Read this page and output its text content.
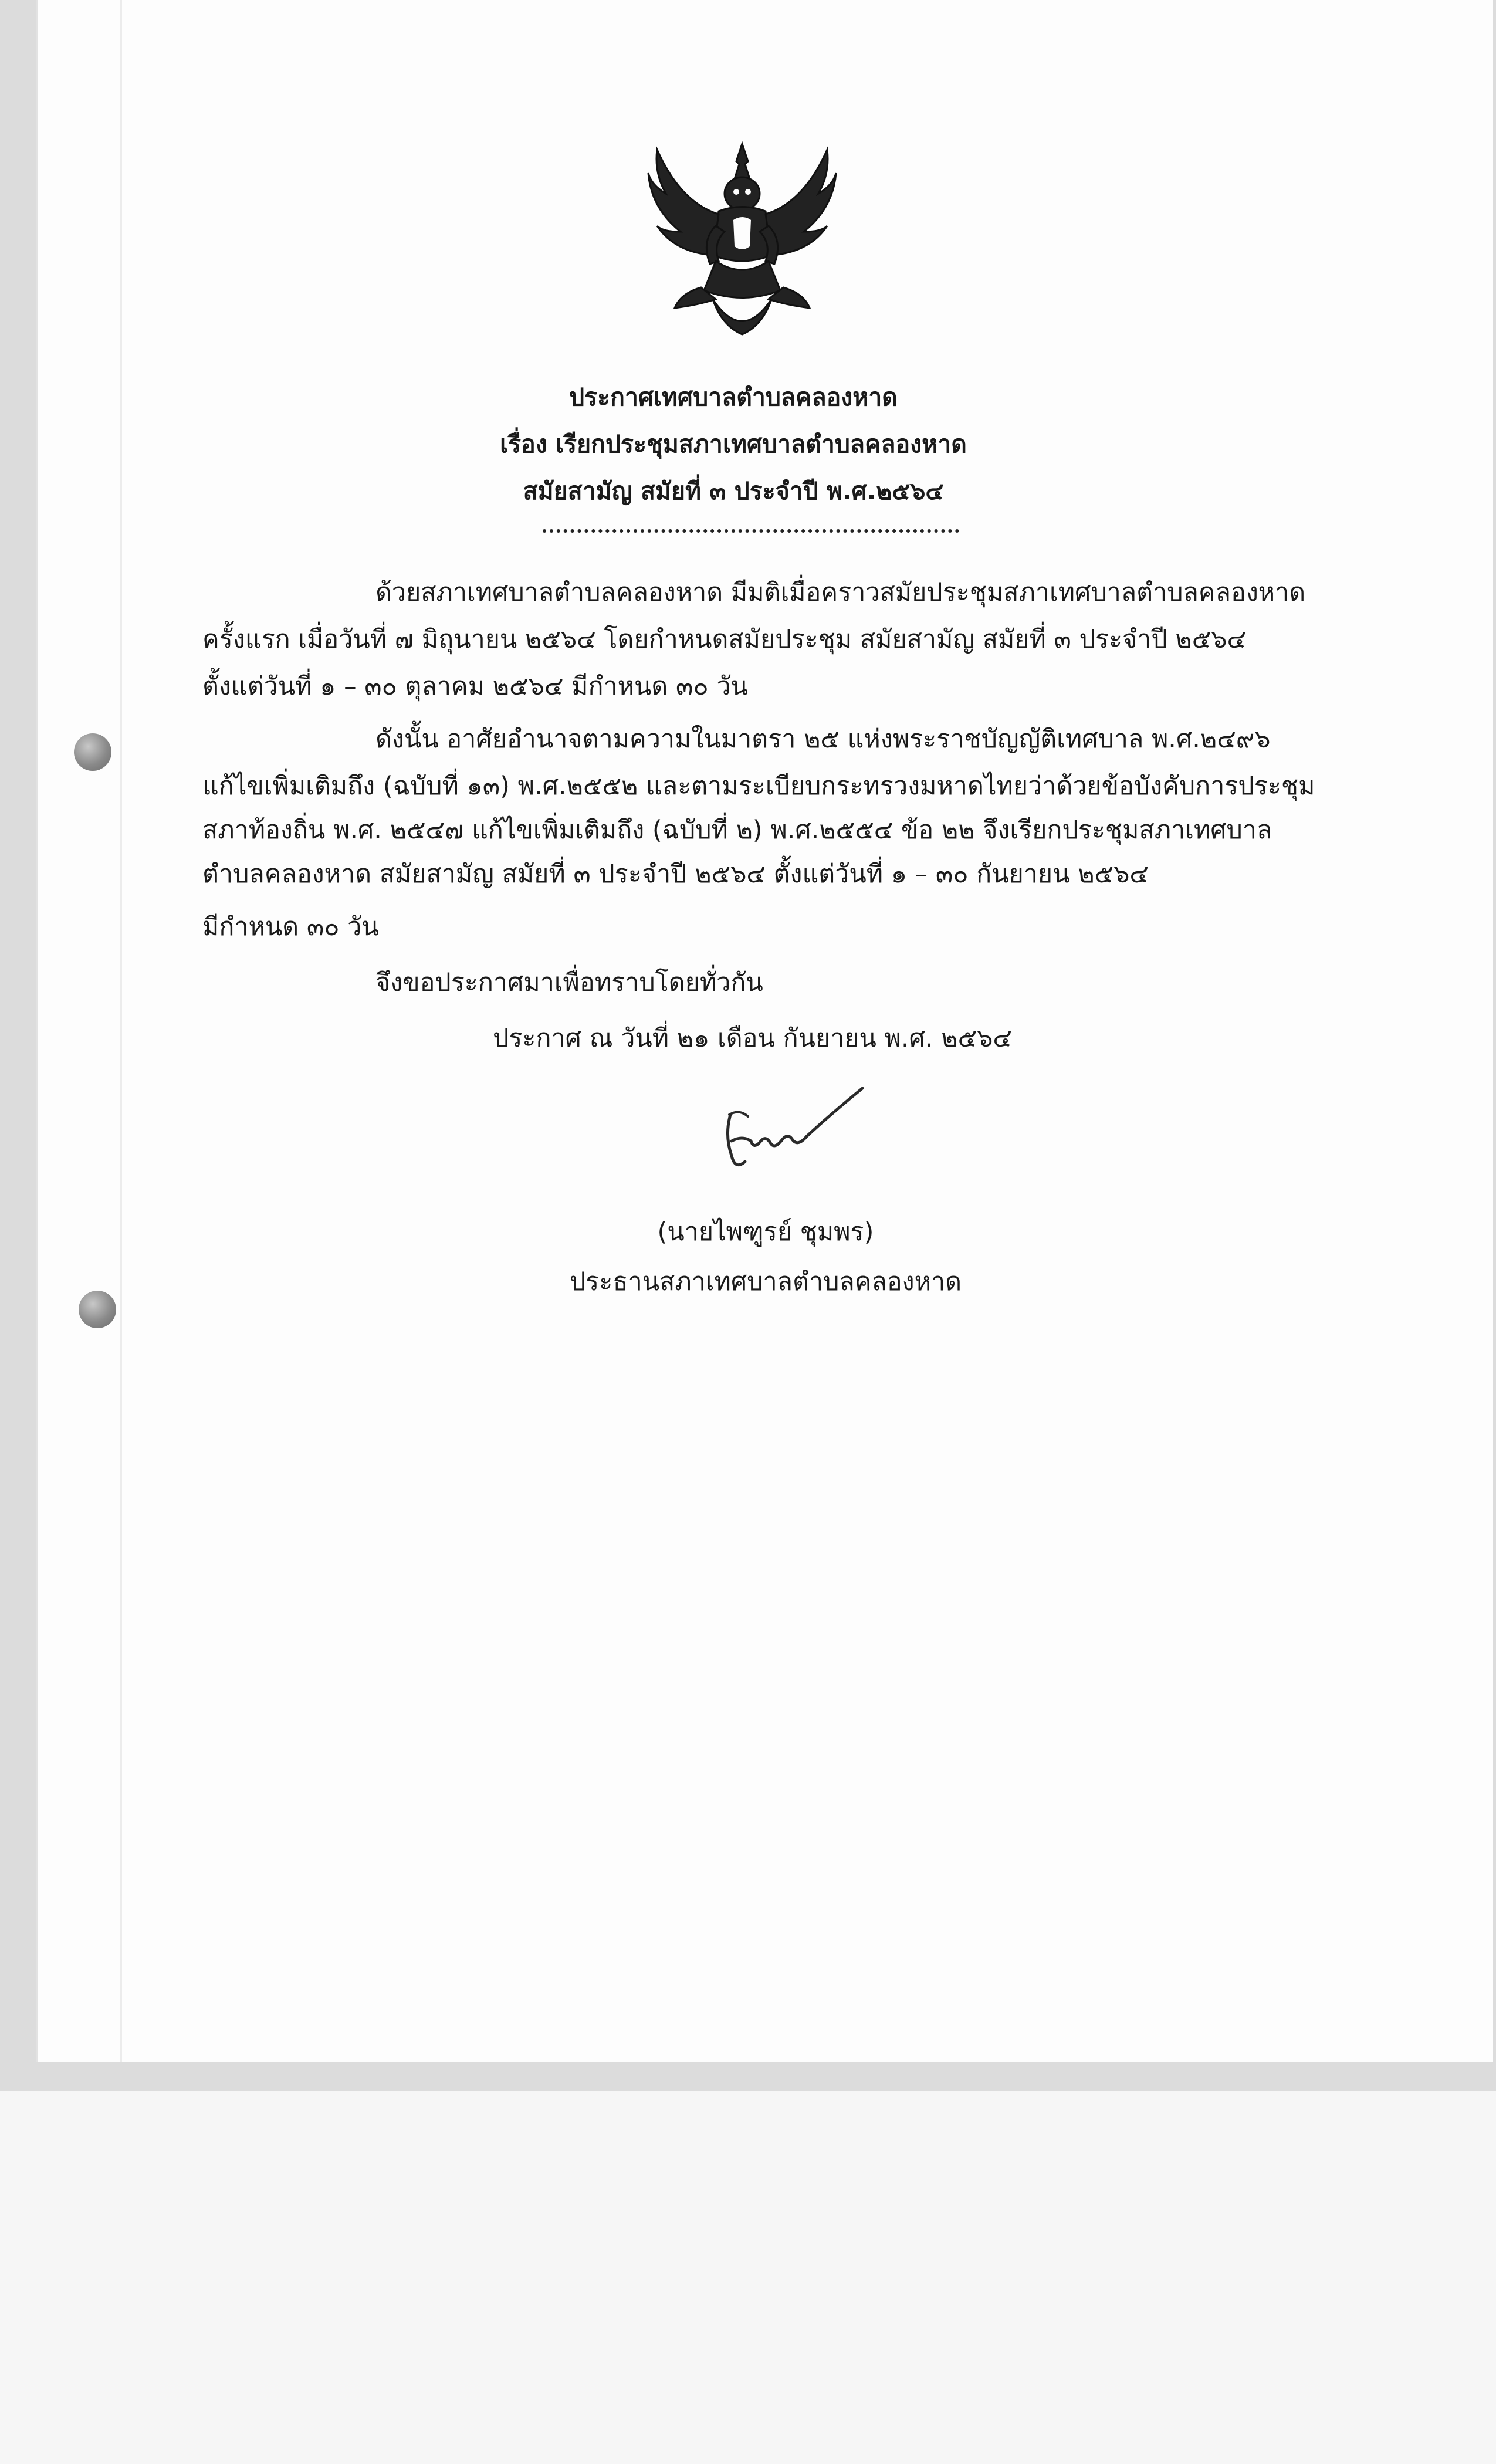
ประกาศเทศบาลตำบลคลองหาด
เรื่อง เรียกประชุมสภาเทศบาลตำบลคลองหาด
สมัยสามัญ สมัยที่ ๓ ประจำปี พ.ศ.๒๕๖๔
ด้วยสภาเทศบาลตำบลคลองหาด มีมติเมื่อคราวสมัยประชุมสภาเทศบาลตำบลคลองหาด
ครั้งแรก เมื่อวันที่ ๗ มิถุนายน ๒๕๖๔ โดยกำหนดสมัยประชุม สมัยสามัญ สมัยที่ ๓ ประจำปี ๒๕๖๔
ตั้งแต่วันที่ ๑ – ๓๐ ตุลาคม ๒๕๖๔ มีกำหนด ๓๐ วัน
ดังนั้น อาศัยอำนาจตามความในมาตรา ๒๕ แห่งพระราชบัญญัติเทศบาล พ.ศ.๒๔๙๖
แก้ไขเพิ่มเติมถึง (ฉบับที่ ๑๓) พ.ศ.๒๕๕๒ และตามระเบียบกระทรวงมหาดไทยว่าด้วยข้อบังคับการประชุม
สภาท้องถิ่น พ.ศ. ๒๕๔๗ แก้ไขเพิ่มเติมถึง (ฉบับที่ ๒) พ.ศ.๒๕๕๔ ข้อ ๒๒ จึงเรียกประชุมสภาเทศบาล
ตำบลคลองหาด สมัยสามัญ สมัยที่ ๓ ประจำปี ๒๕๖๔ ตั้งแต่วันที่ ๑ – ๓๐ กันยายน ๒๕๖๔
มีกำหนด ๓๐ วัน
จึงขอประกาศมาเพื่อทราบโดยทั่วกัน
ประกาศ ณ วันที่ ๒๑ เดือน กันยายน พ.ศ. ๒๕๖๔
(นายไพฑูรย์ ชุมพร)
ประธานสภาเทศบาลตำบลคลองหาด
